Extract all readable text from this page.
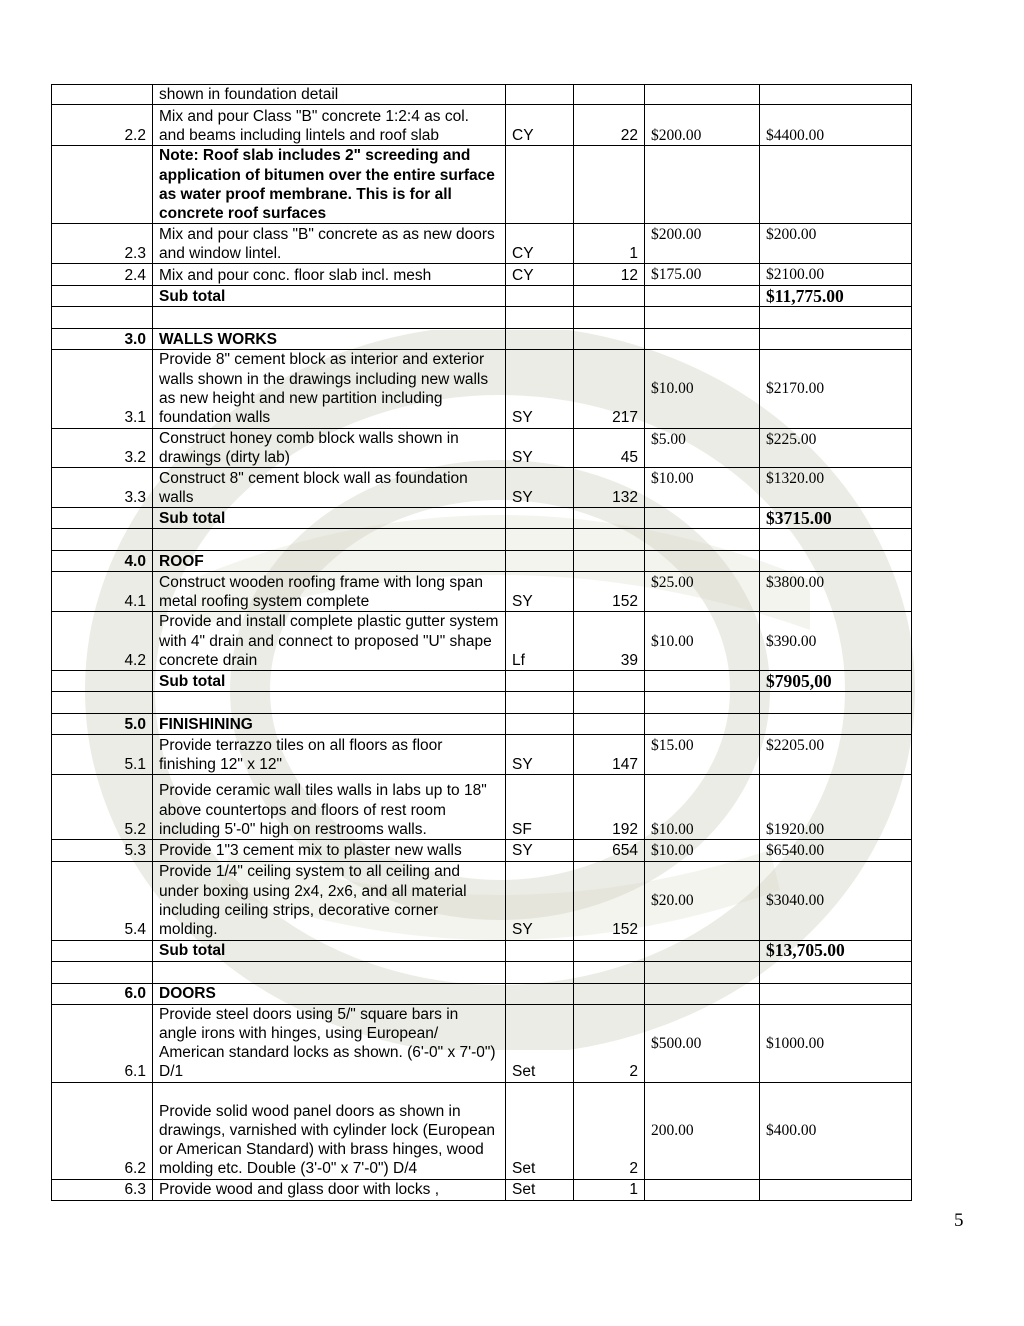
	shown in foundation detail				
2.2	Mix and pour Class "B" concrete 1:2:4 as col. and beams including lintels and roof slab	CY	22	$200.00	$4400.00
	Note: Roof slab includes 2" screeding and application of bitumen over the entire surface as water proof membrane. This is for all concrete roof surfaces				
2.3	Mix and pour class "B" concrete as as new doors and window lintel.	CY	1	$200.00	$200.00
2.4	Mix and pour conc. floor slab incl. mesh	CY	12	$175.00	$2100.00
	Sub total				$11,775.00

3.0	WALLS WORKS				
3.1	Provide 8" cement block as interior and exterior walls shown in the drawings including new walls as new height and new partition including foundation walls	SY	217	$10.00	$2170.00
3.2	Construct honey comb block walls shown in drawings (dirty lab)	SY	45	$5.00	$225.00
3.3	Construct 8" cement block wall as foundation walls	SY	132	$10.00	$1320.00
	Sub total				$3715.00

4.0	ROOF				
4.1	Construct wooden roofing frame with long span metal roofing system complete	SY	152	$25.00	$3800.00
4.2	Provide and install complete plastic gutter system with 4" drain and connect to proposed "U" shape concrete drain	Lf	39	$10.00	$390.00
	Sub total				$7905,00

5.0	FINISHINING				
5.1	Provide terrazzo tiles on all floors as floor finishing 12" x 12"	SY	147	$15.00	$2205.00
5.2	Provide ceramic wall tiles walls in labs up to 18" above countertops and floors of rest room including 5'-0" high on restrooms walls.	SF	192	$10.00	$1920.00
5.3	Provide 1"3 cement mix to plaster new walls	SY	654	$10.00	$6540.00
5.4	Provide 1/4" ceiling system to all ceiling and under boxing using 2x4, 2x6, and all material including ceiling strips, decorative corner molding.	SY	152	$20.00	$3040.00
	Sub total				$13,705.00

6.0	DOORS				
6.1	Provide steel doors using 5/" square bars in angle irons with hinges, using European/ American standard locks as shown. (6'-0" x 7'-0") D/1	Set	2	$500.00	$1000.00
6.2	Provide solid wood panel doors as shown in drawings, varnished with cylinder lock (European or American Standard) with brass hinges, wood molding etc. Double (3'-0" x 7'-0") D/4	Set	2	200.00	$400.00
6.3	Provide wood and glass door with locks ,	Set	1		
5
